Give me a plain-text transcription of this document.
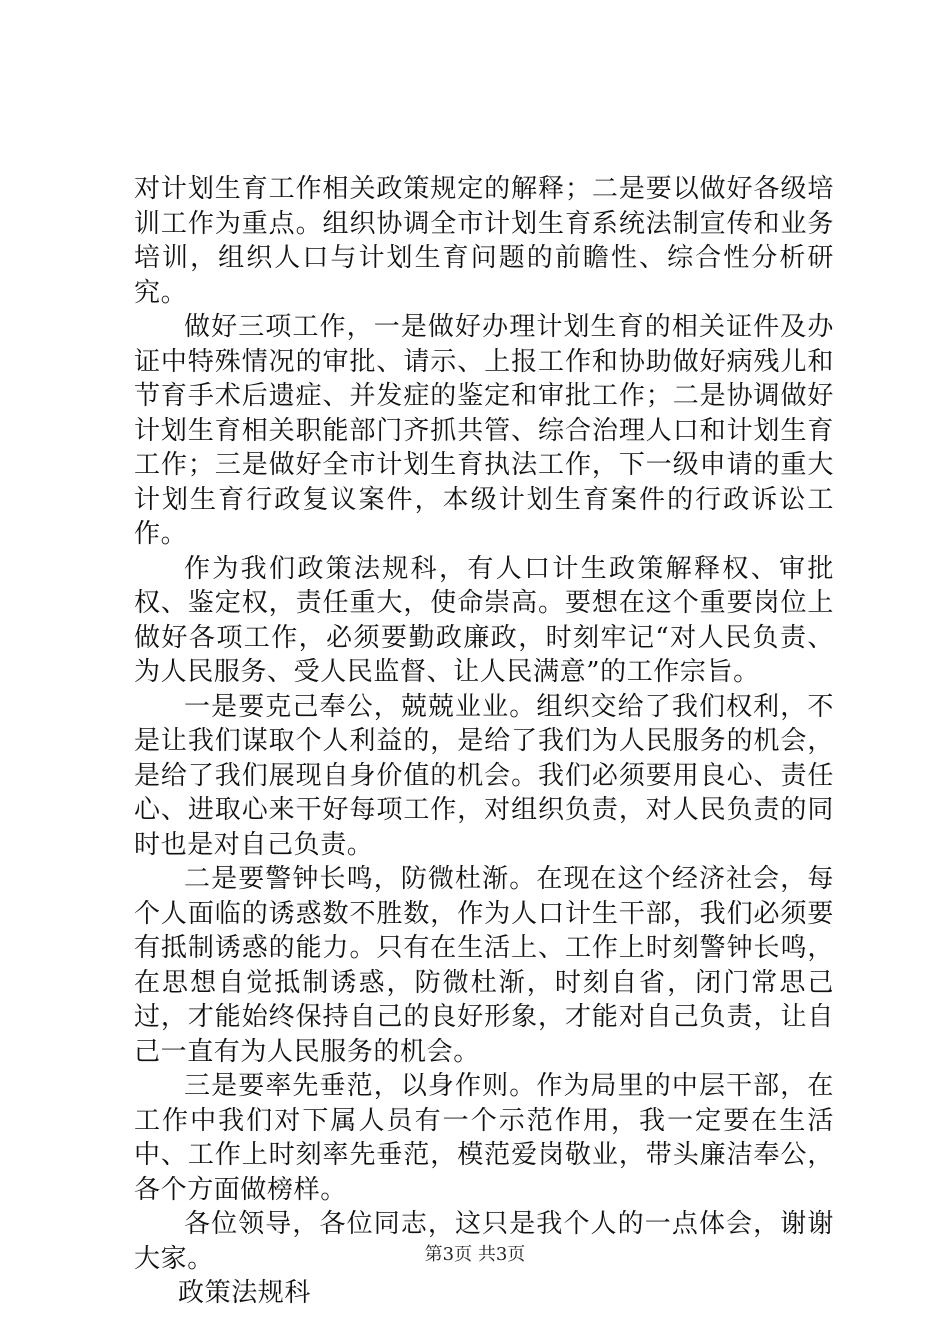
对计划生育工作相关政策规定的解释；二是要以做好各级培训工作为重点。组织协调全市计划生育系统法制宣传和业务培训，组织人口与计划生育问题的前瞻性、综合性分析研究。

做好三项工作，一是做好办理计划生育的相关证件及办证中特殊情况的审批、请示、上报工作和协助做好病残儿和节育手术后遗症、并发症的鉴定和审批工作；二是协调做好计划生育相关职能部门齐抓共管、综合治理人口和计划生育工作；三是做好全市计划生育执法工作，下一级申请的重大计划生育行政复议案件，本级计划生育案件的行政诉讼工作。

作为我们政策法规科，有人口计生政策解释权、审批权、鉴定权，责任重大，使命崇高。要想在这个重要岗位上做好各项工作，必须要勤政廉政，时刻牢记“对人民负责、为人民服务、受人民监督、让人民满意”的工作宗旨。

一是要克己奉公，兢兢业业。组织交给了我们权利，不是让我们谋取个人利益的，是给了我们为人民服务的机会，是给了我们展现自身价值的机会。我们必须要用良心、责任心、进取心来干好每项工作，对组织负责，对人民负责的同时也是对自己负责。

二是要警钟长鸣，防微杜渐。在现在这个经济社会，每个人面临的诱惑数不胜数，作为人口计生干部，我们必须要有抵制诱惑的能力。只有在生活上、工作上时刻警钟长鸣，在思想自觉抵制诱惑，防微杜渐，时刻自省，闭门常思己过，才能始终保持自己的良好形象，才能对自己负责，让自己一直有为人民服务的机会。

三是要率先垂范，以身作则。作为局里的中层干部，在工作中我们对下属人员有一个示范作用，我一定要在生活中、工作上时刻率先垂范，模范爱岗敬业，带头廉洁奉公，各个方面做榜样。

各位领导，各位同志，这只是我个人的一点体会，谢谢大家。

政策法规科

第3页 共3页
